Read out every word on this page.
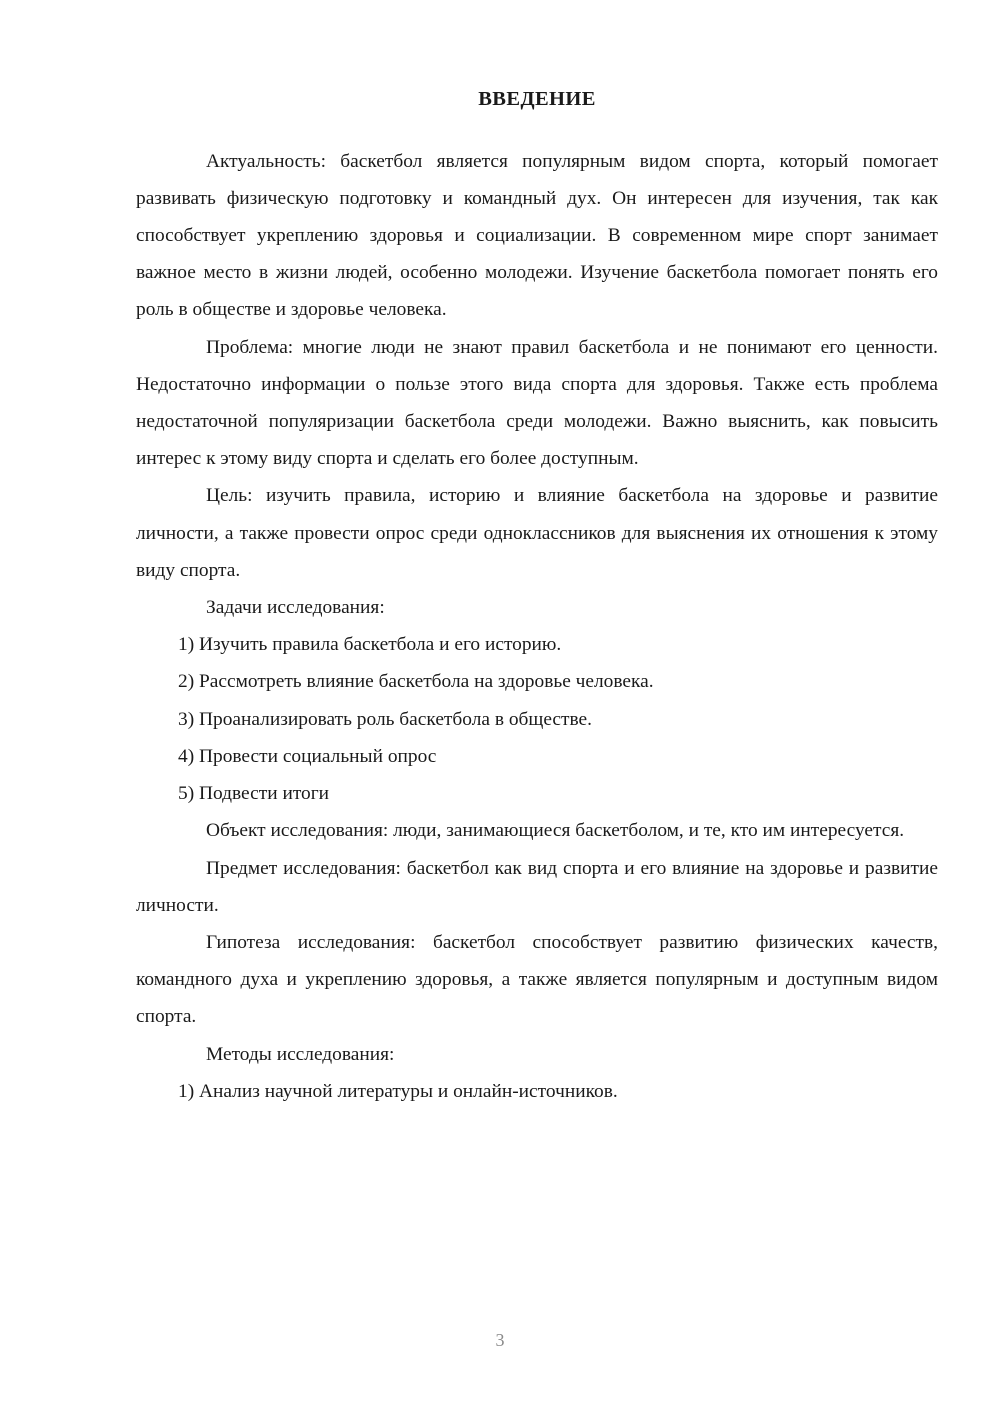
ВВЕДЕНИЕ

Актуальность: баскетбол является популярным видом спорта, который помогает развивать физическую подготовку и командный дух. Он интересен для изучения, так как способствует укреплению здоровья и социализации. В современном мире спорт занимает важное место в жизни людей, особенно молодежи. Изучение баскетбола помогает понять его роль в обществе и здоровье человека.

Проблема: многие люди не знают правил баскетбола и не понимают его ценности. Недостаточно информации о пользе этого вида спорта для здоровья. Также есть проблема недостаточной популяризации баскетбола среди молодежи. Важно выяснить, как повысить интерес к этому виду спорта и сделать его более доступным.

Цель: изучить правила, историю и влияние баскетбола на здоровье и развитие личности, а также провести опрос среди одноклассников для выяснения их отношения к этому виду спорта.

Задачи исследования:

1) Изучить правила баскетбола и его историю.

2) Рассмотреть влияние баскетбола на здоровье человека.

3) Проанализировать роль баскетбола в обществе.

4) Провести социальный опрос

5) Подвести итоги

Объект исследования: люди, занимающиеся баскетболом, и те, кто им интересуется.

Предмет исследования: баскетбол как вид спорта и его влияние на здоровье и развитие личности.

Гипотеза исследования: баскетбол способствует развитию физических качеств, командного духа и укреплению здоровья, а также является популярным и доступным видом спорта.

Методы исследования:

1) Анализ научной литературы и онлайн-источников.

3
